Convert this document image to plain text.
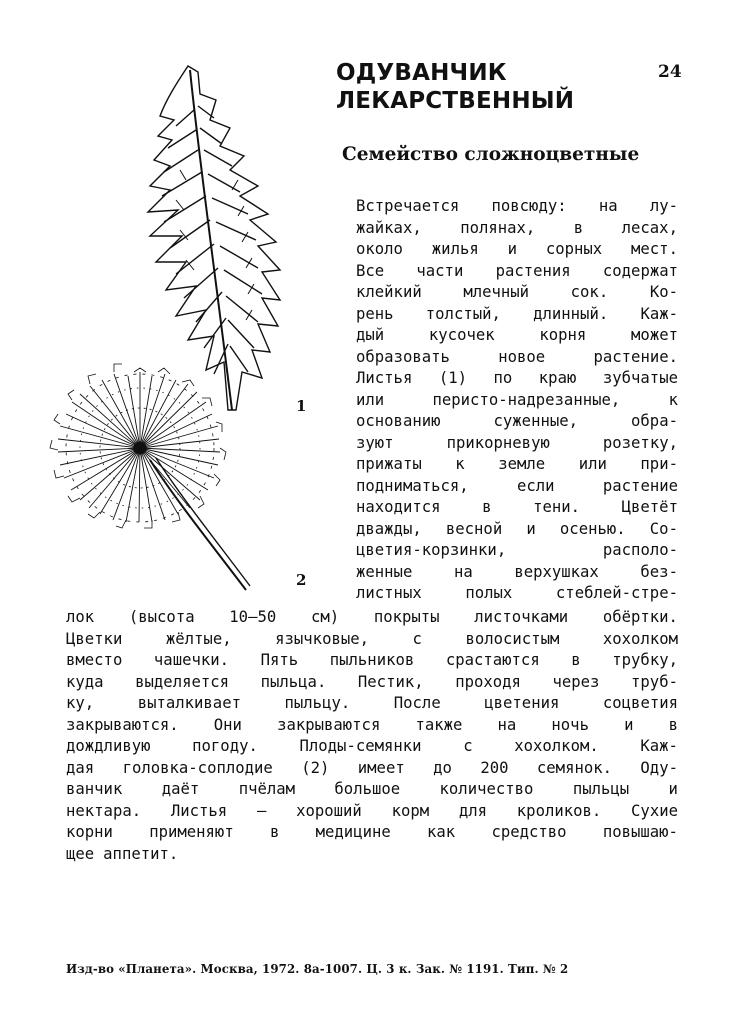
ОДУВАНЧИК
ЛЕКАРСТВЕННЫЙ
24
Семейство сложноцветные
1
2
Встречается повсюду: на лу-
жайках, полянах, в лесах,
около жилья и сорных мест.
Все части растения содержат
клейкий	млечный	сок.	Ко-
рень толстый, длинный. Каж-
дый	кусочек	корня	может
образовать	новое	растение.
Листья (1) по краю зубчатые
или	перисто-надрезанные,	к
основанию	суженные,	обра-
зуют	прикорневую	розетку,
прижаты к земле или при-
подниматься,	если	растение
находится	в	тени.	Цветёт
дважды, весной и осенью. Со-
цветия-корзинки,	располо-
женные	на	верхушках	без-
листных	полых	стеблей-стре-
лок (высота 10—50 см) покрыты листочками обёртки.
Цветки	жёлтые,	язычковые,	с	волосистым	хохолком
вместо чашечки. Пять пыльников срастаются в трубку,
куда выделяется пыльца. Пестик, проходя через труб-
ку,	выталкивает	пыльцу.	После	цветения	соцветия
закрываются. Они закрываются также на ночь и в
дождливую	погоду.	Плоды-семянки	с	хохолком.	Каж-
дая головка-соплодие (2) имеет до 200 семянок. Оду-
ванчик	даёт	пчёлам	большое	количество	пыльцы	и
нектара. Листья — хороший корм для кроликов. Сухие
корни применяют в медицине как средство повышаю-
щее аппетит.
Изд-во «Планета». Москва, 1972. 8а-1007. Ц. 3 к. Зак. № 1191. Тип. № 2
